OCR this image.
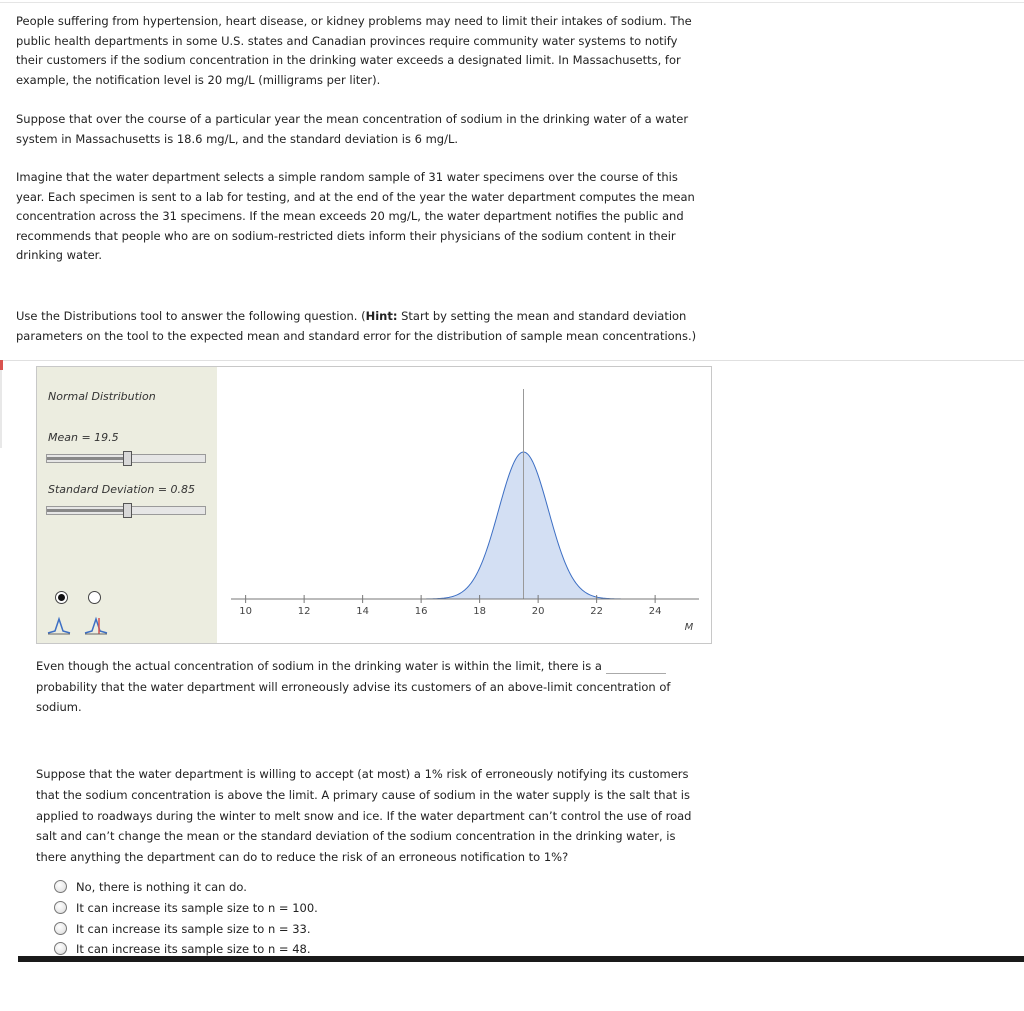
People suffering from hypertension, heart disease, or kidney problems may need to limit their intakes of sodium. The public health departments in some U.S. states and Canadian provinces require community water systems to notify their customers if the sodium concentration in the drinking water exceeds a designated limit. In Massachusetts, for example, the notification level is 20 mg/L (milligrams per liter).

Suppose that over the course of a particular year the mean concentration of sodium in the drinking water of a water system in Massachusetts is 18.6 mg/L, and the standard deviation is 6 mg/L.

Imagine that the water department selects a simple random sample of 31 water specimens over the course of this year. Each specimen is sent to a lab for testing, and at the end of the year the water department computes the mean concentration across the 31 specimens. If the mean exceeds 20 mg/L, the water department notifies the public and recommends that people who are on sodium-restricted diets inform their physicians of the sodium content in their drinking water.

Use the Distributions tool to answer the following question. (Hint: Start by setting the mean and standard deviation parameters on the tool to the expected mean and standard error for the distribution of sample mean concentrations.)

Normal Distribution
Mean = 19.5
Standard Deviation = 0.85
10	12	14	16	18	20	22	24
M
Even though the actual concentration of sodium in the drinking water is within the limit, there is a  probability that the water department will erroneously advise its customers of an above-limit concentration of sodium.
Suppose that the water department is willing to accept (at most) a 1% risk of erroneously notifying its customers that the sodium concentration is above the limit. A primary cause of sodium in the water supply is the salt that is applied to roadways during the winter to melt snow and ice. If the water department can’t control the use of road salt and can’t change the mean or the standard deviation of the sodium concentration in the drinking water, is there anything the department can do to reduce the risk of an erroneous notification to 1%?
No, there is nothing it can do.
It can increase its sample size to n = 100.
It can increase its sample size to n = 33.
It can increase its sample size to n = 48.
